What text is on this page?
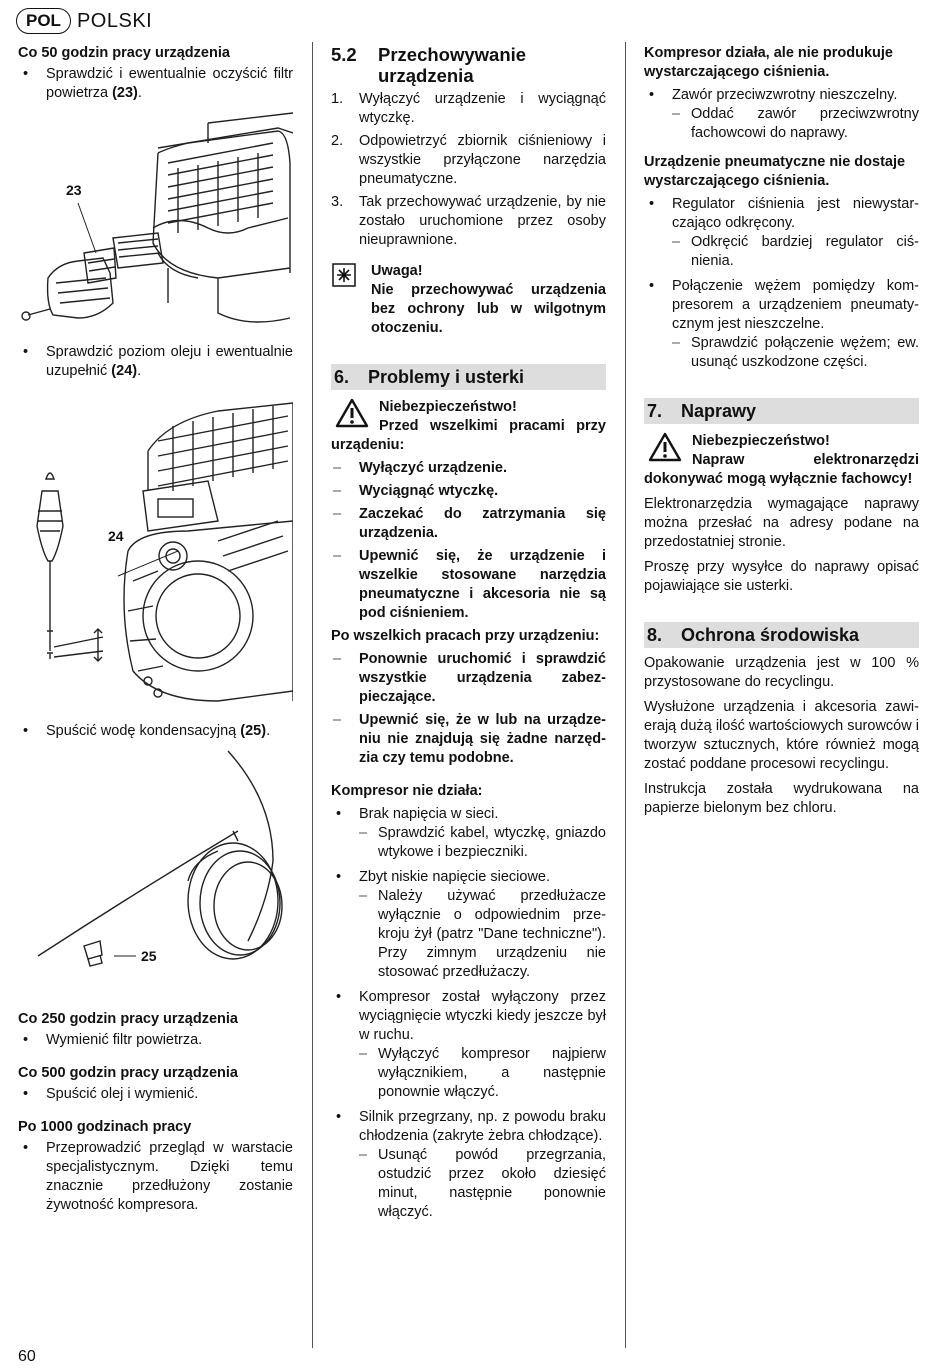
POL POLSKI
Co 50 godzin pracy urządzenia
• Sprawdzić i ewentualnie oczyścić filtr powietrza (23).
23
• Sprawdzić poziom oleju i ewentualnie uzupełnić (24).
24
• Spuścić wodę kondensacyjną (25).
25
Co 250 godzin pracy urządzenia
• Wymienić filtr powietrza.
Co 500 godzin pracy urządzenia
• Spuścić olej i wymienić.
Po 1000 godzinach pracy
• Przeprowadzić przegląd w warstacie specjalistycznym. Dzięki temu znacznie przedłużony zostanie żywotność kompresora.
5.2 Przechowywanie urządzenia
1. Wyłączyć urządzenie i wyciągnąć wtyczkę.
2. Odpowietrzyć zbiornik ciśnieniowy i wszystkie przyłączone narzędzia pneumatyczne.
3. Tak przechowywać urządzenie, by nie zostało uruchomione przez osoby nieuprawnione.
Uwaga!
Nie przechowywać urządzenia bez ochrony lub w wilgotnym otoczeniu.
6. Problemy i usterki
Niebezpieczeństwo!
Przed wszelkimi pracami przy urządeniu:
– Wyłączyć urządzenie.
– Wyciągnąć wtyczkę.
– Zaczekać do zatrzymania się urządzenia.
– Upewnić się, że urządzenie i wszelkie stosowane narzędzia pneumatyczne i akcesoria nie są pod ciśnieniem.
Po wszelkich pracach przy urządzeniu:
– Ponownie uruchomić i sprawdzić wszystkie urządzenia zabezpieczające.
– Upewnić się, że w lub na urządzeniu nie znajdują się żadne narzędzia czy temu podobne.
Kompresor nie działa:
• Brak napięcia w sieci.
– Sprawdzić kabel, wtyczkę, gniazdo wtykowe i bezpieczniki.
• Zbyt niskie napięcie sieciowe.
– Należy używać przedłużacze wyłącznie o odpowiednim przekroju żył (patrz "Dane techniczne"). Przy zimnym urządzeniu nie stosować przedłużaczy.
• Kompresor został wyłączony przez wyciągnięcie wtyczki kiedy jeszcze był w ruchu.
– Wyłączyć kompresor najpierw wyłącznikiem, a następnie ponownie włączyć.
• Silnik przegrzany, np. z powodu braku chłodzenia (zakryte żebra chłodzące).
– Usunąć powód przegrzania, ostudzić przez około dziesięć minut, następnie ponownie włączyć.
Kompresor działa, ale nie produkuje wystarczającego ciśnienia.
• Zawór przeciwzwrotny nieszczelny.
– Oddać zawór przeciwzwrotny fachowcowi do naprawy.
Urządzenie pneumatyczne nie dostaje wystarczającego ciśnienia.
• Regulator ciśnienia jest niewystarczająco odkręcony.
– Odkręcić bardziej regulator ciśnienia.
• Połączenie wężem pomiędzy kompresorem a urządzeniem pneumatycznym jest nieszczelne.
– Sprawdzić połączenie wężem; ew. usunąć uszkodzone części.
7. Naprawy
Niebezpieczeństwo!
Napraw elektronarzędzi dokonywać mogą wyłącznie fachowcy!
Elektronarzędzia wymagające naprawy można przesłać na adresy podane na przedostatniej stronie.
Proszę przy wysyłce do naprawy opisać pojawiające sie usterki.
8. Ochrona środowiska
Opakowanie urządzenia jest w 100 % przystosowane do recyclingu.
Wysłużone urządzenia i akcesoria zawierają dużą ilość wartościowych surowców i tworzyw sztucznych, które również mogą zostać poddane procesowi recyclingu.
Instrukcja została wydrukowana na papierze bielonym bez chloru.
60
